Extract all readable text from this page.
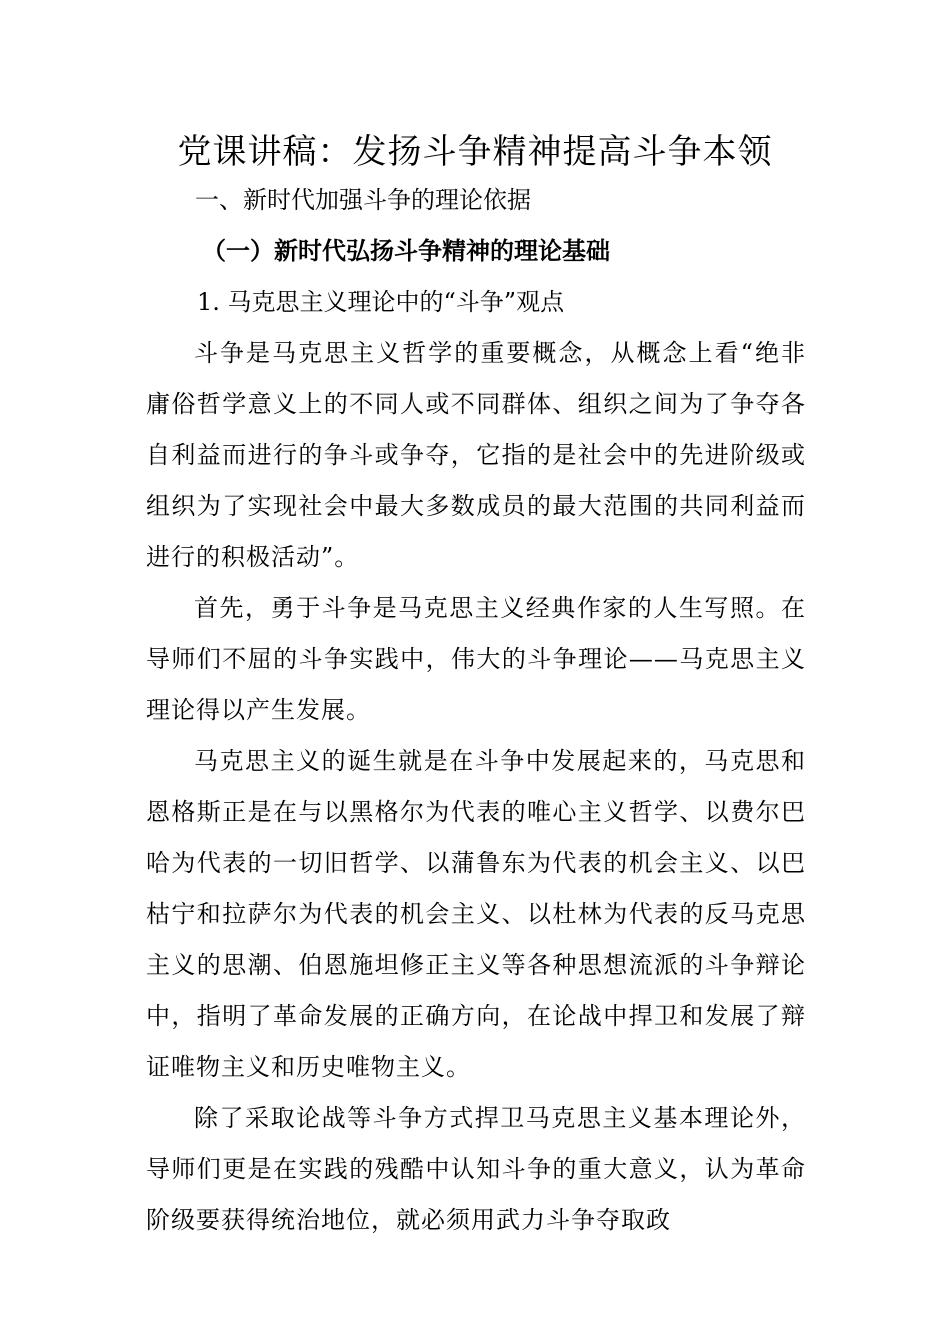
党课讲稿：发扬斗争精神提高斗争本领
一、新时代加强斗争的理论依据
（一）新时代弘扬斗争精神的理论基础
1. 马克思主义理论中的“斗争”观点

斗争是马克思主义哲学的重要概念，从概念上看“绝非庸俗哲学意义上的不同人或不同群体、组织之间为了争夺各自利益而进行的争斗或争夺，它指的是社会中的先进阶级或组织为了实现社会中最大多数成员的最大范围的共同利益而进行的积极活动”。

首先，勇于斗争是马克思主义经典作家的人生写照。在导师们不屈的斗争实践中，伟大的斗争理论——马克思主义理论得以产生发展。

马克思主义的诞生就是在斗争中发展起来的，马克思和恩格斯正是在与以黑格尔为代表的唯心主义哲学、以费尔巴哈为代表的一切旧哲学、以蒲鲁东为代表的机会主义、以巴枯宁和拉萨尔为代表的机会主义、以杜林为代表的反马克思主义的思潮、伯恩施坦修正主义等各种思想流派的斗争辩论中，指明了革命发展的正确方向，在论战中捍卫和发展了辩证唯物主义和历史唯物主义。

除了采取论战等斗争方式捍卫马克思主义基本理论外，导师们更是在实践的残酷中认知斗争的重大意义，认为革命阶级要获得统治地位，就必须用武力斗争夺取政
